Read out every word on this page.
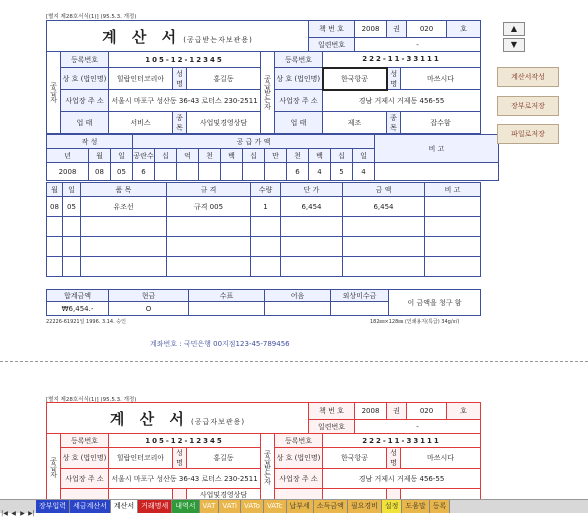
[별지 제28호서식(1)] (95.5.3. 개정)
계 산 서 (공급받는자보관용)	책 번 호	2008	권	020	호
	일련번호	-			
공급자	등록번호	105-12-12345			공급받는자	등록번호	222-11-33111		
	상 호 (법인명)	힐랍인터코리아	성 명	홍길동		상 호 (법인명)	한국항공	성 명	마쓰시다
	사업장 주 소	서울시 마포구 성산동 36-43 로터스 230-2511				사업장 주 소	경남 거제시 거제동 456-55		
	업 태	서비스	종 목	사업및경영상담		업 태	제조	종 목	잡수함
작 성			공 급 가 액											비 고
년	월	일	공란수	십	억	천	백	십	만	천	백	십	일	
2008	08	05	6							6	4	5	4	
월	일	품 목	규 격	수량	단 가	금 액	비 고
08	05	유조선	규격 005	1	6,454	6,454	

합계금액	현금	수표	어음	외상미수금	이 금액을 청구 함
₩6,454.-	O				
22226-61921일 1996. 3.14. 승인	182㎜×128㎜ (인쇄용지(특급) 34g/㎡)
계좌번호 : 국민은행 00지점123-45-789456
[별지 제28호서식(1)] (95.5.3. 개정)
계 산 서 (공급자보관용)	책 번 호	2008	권	020	호
	일련번호	-			
공급자	등록번호	105-12-12345			공급받는자	등록번호	222-11-33111		
	상 호 (법인명)	힐랍인터코리아	성명	홍길동		상 호 (법인명)	한국항공	성명	마쓰시다
	사업장 주 소	서울시 마포구 성산동 36-43 로터스 230-2511				사업장 주 소	경남 거제시 거제동 456-55		
				사업및경영상담					
▲
▼
계산서작성
장부로저장
파일로저장
|◀ ◀ ▶ ▶|장부입력 세금계산서 계산서 거래명세 내역서 VAT VATi VATo VATc 납부세 소득금액 필요경비 설정 도움말 등록
